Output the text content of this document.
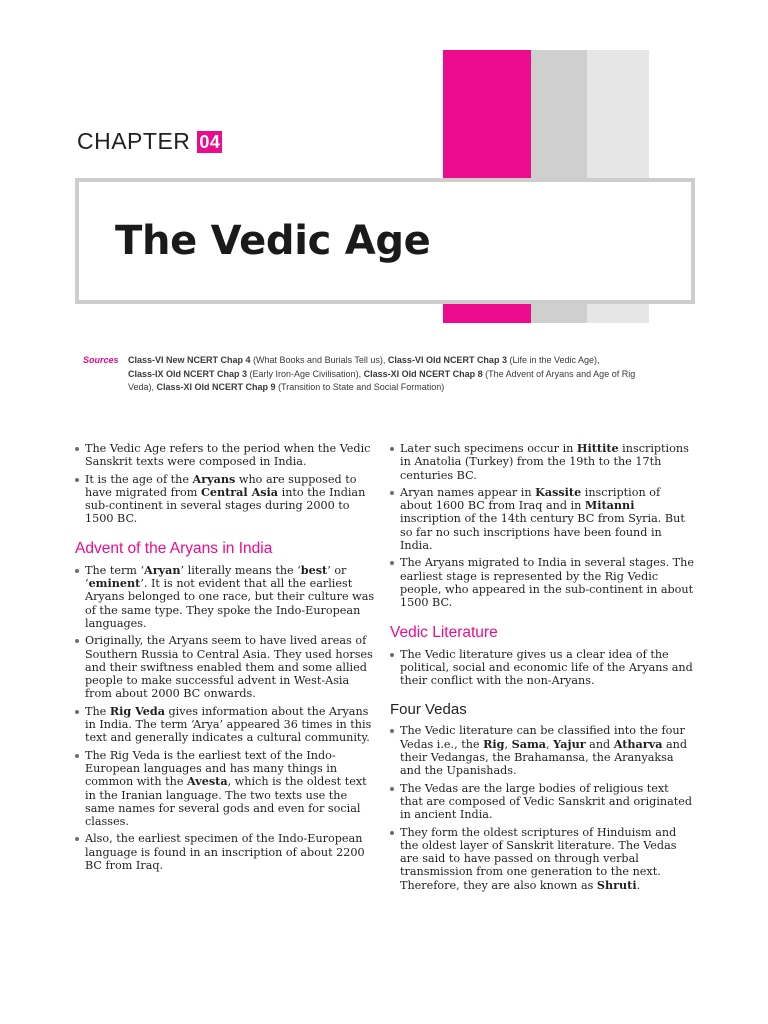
CHAPTER 04
The Vedic Age
Sources Class-VI New NCERT Chap 4 (What Books and Burials Tell us), Class-VI Old NCERT Chap 3 (Life in the Vedic Age),
Class-IX Old NCERT Chap 3 (Early Iron-Age Civilisation), Class-XI Old NCERT Chap 8 (The Advent of Aryans and Age of Rig Veda), Class-XI Old NCERT Chap 9 (Transition to State and Social Formation)
The Vedic Age refers to the period when the Vedic Sanskrit texts were composed in India.
It is the age of the Aryans who are supposed to have migrated from Central Asia into the Indian sub-continent in several stages during 2000 to 1500 BC.
Advent of the Aryans in India
The term ‘Aryan’ literally means the ‘best’ or ‘eminent’. It is not evident that all the earliest Aryans belonged to one race, but their culture was of the same type. They spoke the Indo-European languages.
Originally, the Aryans seem to have lived areas of Southern Russia to Central Asia. They used horses and their swiftness enabled them and some allied people to make successful advent in West-Asia from about 2000 BC onwards.
The Rig Veda gives information about the Aryans in India. The term ‘Arya’ appeared 36 times in this text and generally indicates a cultural community.
The Rig Veda is the earliest text of the Indo-European languages and has many things in common with the Avesta, which is the oldest text in the Iranian language. The two texts use the same names for several gods and even for social classes.
Also, the earliest specimen of the Indo-European language is found in an inscription of about 2200 BC from Iraq.
Later such specimens occur in Hittite inscriptions in Anatolia (Turkey) from the 19th to the 17th centuries BC.
Aryan names appear in Kassite inscription of about 1600 BC from Iraq and in Mitanni inscription of the 14th century BC from Syria. But so far no such inscriptions have been found in India.
The Aryans migrated to India in several stages. The earliest stage is represented by the Rig Vedic people, who appeared in the sub-continent in about 1500 BC.
Vedic Literature
The Vedic literature gives us a clear idea of the political, social and economic life of the Aryans and their conflict with the non-Aryans.
Four Vedas
The Vedic literature can be classified into the four Vedas i.e., the Rig, Sama, Yajur and Atharva and their Vedangas, the Brahamansa, the Aranyaksa and the Upanishads.
The Vedas are the large bodies of religious text that are composed of Vedic Sanskrit and originated in ancient India.
They form the oldest scriptures of Hinduism and the oldest layer of Sanskrit literature. The Vedas are said to have passed on through verbal transmission from one generation to the next. Therefore, they are also known as Shruti.
